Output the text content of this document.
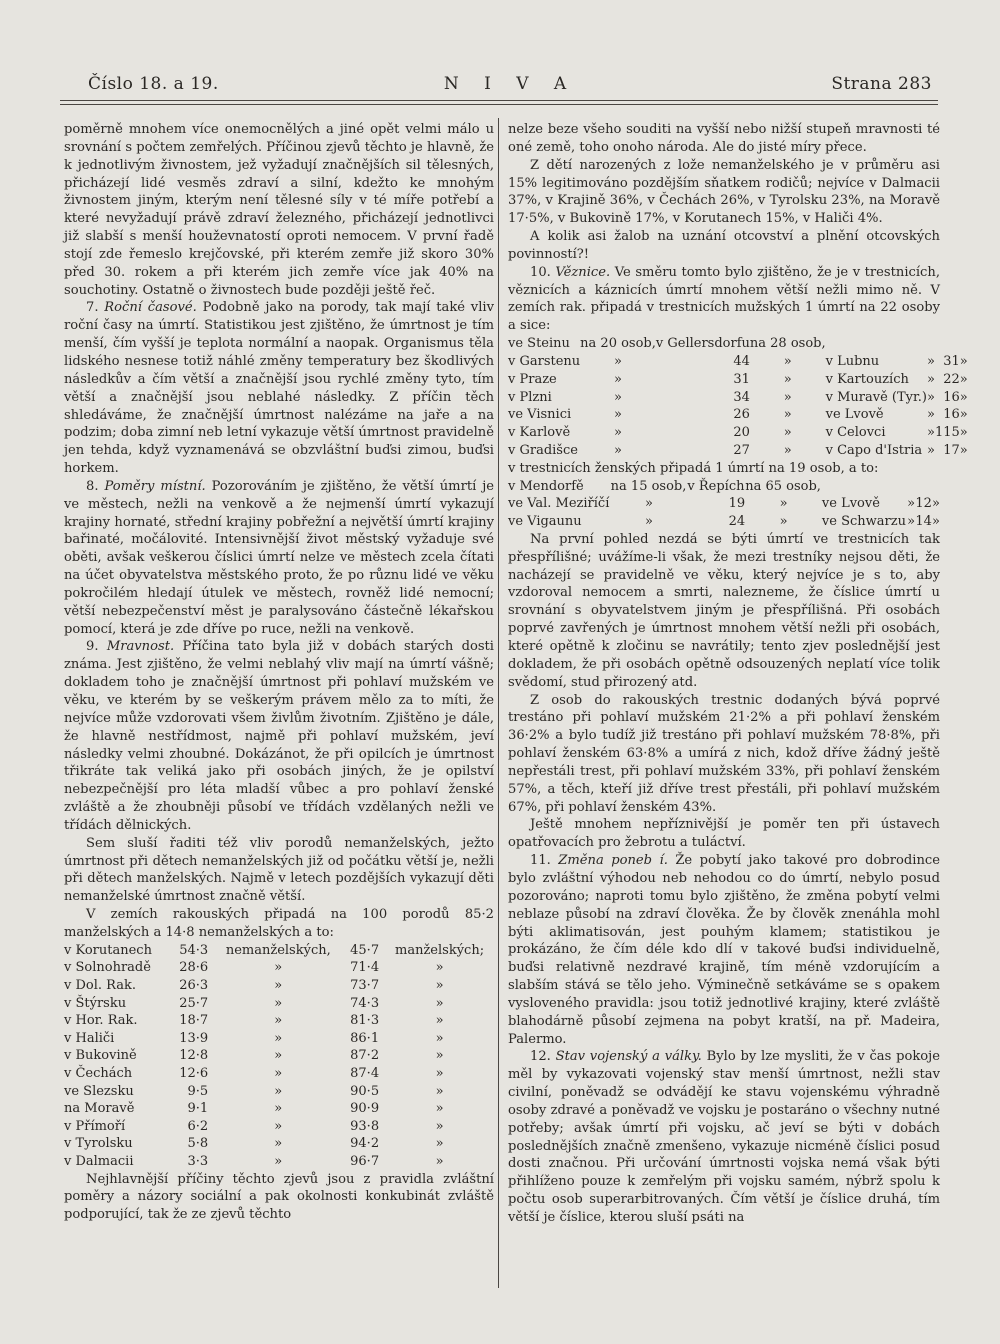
Číslo 18. a 19.	N I V A	Strana 283

poměrně mnohem více onemocnělých a jiné opět velmi málo u srovnání s počtem zemřelých. Příčinou zjevů těchto je hlavně, že k jednotlivým živnostem, jež vyžadují značnějších sil tělesných, přicházejí lidé vesměs zdraví a silní, kdežto ke mnohým živnostem jiným, kterým není tělesné síly v té míře potřebí a které nevyžadují právě zdraví železného, přicházejí jednotlivci již slabší s menší houževnatostí oproti nemocem. V první řadě stojí zde řemeslo krejčovské, při kterém zemře již skoro 30% před 30. rokem a při kterém jich zemře více jak 40% na souchotiny. Ostatně o živnostech bude později ještě řeč.

7. Roční časové. Podobně jako na porody, tak mají také vliv roční časy na úmrtí. Statistikou jest zjištěno, že úmrtnost je tím menší, čím vyšší je teplota normální a naopak. Organismus těla lidského nesnese totiž náhlé změny temperatury bez škodlivých následkův a čím větší a značnější jsou rychlé změny tyto, tím větší a značnější jsou neblahé následky. Z příčin těch shledáváme, že značnější úmrtnost nalézáme na jaře a na podzim; doba zimní neb letní vykazuje větší úmrtnost pravidelně jen tehda, když vyznamenává se obzvláštní buďsi zimou, buďsi horkem.

8. Poměry místní. Pozorováním je zjištěno, že větší úmrtí je ve městech, nežli na venkově a že nejmenší úmrtí vykazují krajiny hornaté, střední krajiny pobřežní a největší úmrtí krajiny bařinaté, močálovité. Intensivnější život městský vyžaduje své oběti, avšak veškerou číslici úmrtí nelze ve městech zcela čítati na účet obyvatelstva městského proto, že po různu lidé ve věku pokročilém hledají útulek ve městech, rovněž lidé nemocní; větší nebezpečenství měst je paralysováno částečně lékařskou pomocí, která je zde dříve po ruce, nežli na venkově.

9. Mravnost. Příčina tato byla již v dobách starých dosti známa. Jest zjištěno, že velmi neblahý vliv mají na úmrtí vášně; dokladem toho je značnější úmrtnost při pohlaví mužském ve věku, ve kterém by se veškerým právem mělo za to míti, že nejvíce může vzdorovati všem živlům životním. Zjištěno je dále, že hlavně nestřídmost, najmě při pohlaví mužském, jeví následky velmi zhoubné. Dokázánot, že při opilcích je úmrtnost třikráte tak veliká jako při osobách jiných, že je opilství nebezpečnější pro léta mladší vůbec a pro pohlaví ženské zvláště a že zhoubněji působí ve třídách vzdělaných nežli ve třídách dělnických.

Sem sluší řaditi též vliv porodů nemanželských, ježto úmrtnost při dětech nemanželských již od počátku větší je, nežli při dětech manželských. Najmě v letech pozdějších vykazují děti nemanželské úmrtnost značně větší.

V zemích rakouských připadá na 100 porodů 85·2 manželských a 14·8 nemanželských a to:

v Korutanech	54·3	nemanželských,	45·7	manželských;
v Solnohradě	28·6	»	71·4	»
v Dol. Rak.	26·3	»	73·7	»
v Štýrsku	25·7	»	74·3	»
v Hor. Rak.	18·7	»	81·3	»
v Haliči	13·9	»	86·1	»
v Bukovině	12·8	»	87·2	»
v Čechách	12·6	»	87·4	»
ve Slezsku	9·5	»	90·5	»
na Moravě	9·1	»	90·9	»
v Přímoří	6·2	»	93·8	»
v Tyrolsku	5·8	»	94·2	»
v Dalmacii	3·3	»	96·7	»

Nejhlavnější příčiny těchto zjevů jsou z pravidla zvláštní poměry a názory sociální a pak okolnosti konkubinát zvláště podporující, tak že ze zjevů těchto

nelze beze všeho souditi na vyšší nebo nižší stupeň mravnosti té oné země, toho onoho národa. Ale do jisté míry přece.

Z dětí narozených z lože nemanželského je v průměru asi 15% legitimováno pozdějším sňatkem rodičů; nejvíce v Dalmacii 37%, v Krajině 36%, v Čechách 26%, v Tyrolsku 23%, na Moravě 17·5%, v Bukovině 17%, v Korutanech 15%, v Haliči 4%.

A kolik asi žalob na uznání otcovství a plnění otcovských povinností?!

10. Věznice. Ve směru tomto bylo zjištěno, že je v trestnicích, věznicích a káznicích úmrtí mnohem větší nežli mimo ně. V zemích rak. připadá v trestnicích mužských 1 úmrtí na 22 osoby a sice:

ve Steinu	na 20 osob,	v Gellersdorfu	na 28 osob,				
v Garstenu	»	44	»	v Lubnu	»	31	»
v Praze	»	31	»	v Kartouzích	»	22	»
v Plzni	»	34	»	v Muravě (Tyr.)	»	16	»
ve Visnici	»	26	»	ve Lvově	»	16	»
v Karlově	»	20	»	v Celovci	»	115	»
v Gradišce	»	27	»	v Capo d'Istria	»	17	»

v trestnicích ženských připadá 1 úmrtí na 19 osob, a to:

v Mendorfě	na 15 osob,	v Řepích	na 65 osob,				
ve Val. Meziříčí	»	19	»	ve Lvově	»	12	»
ve Vigaunu	»	24	»	ve Schwarzu	»	14	»

Na první pohled nezdá se býti úmrtí ve trestnicích tak přespřílišné; uvážíme-li však, že mezi trestníky nejsou děti, že nacházejí se pravidelně ve věku, který nejvíce je s to, aby vzdoroval nemocem a smrti, nalezneme, že číslice úmrtí u srovnání s obyvatelstvem jiným je přespřílišná. Při osobách poprvé zavřených je úmrtnost mnohem větší nežli při osobách, které opětně k zločinu se navrátily; tento zjev poslednější jest dokladem, že při osobách opětně odsouzených neplatí více tolik svědomí, stud přirozený atd.

Z osob do rakouských trestnic dodaných bývá poprvé trestáno při pohlaví mužském 21·2% a při pohlaví ženském 36·2% a bylo tudíž již trestáno při pohlaví mužském 78·8%, při pohlaví ženském 63·8% a umírá z nich, kdož dříve žádný ještě nepřestáli trest, při pohlaví mužském 33%, při pohlaví ženském 57%, a těch, kteří již dříve trest přestáli, při pohlaví mužském 67%, při pohlaví ženském 43%.

Ještě mnohem nepříznivější je poměr ten při ústavech opatřovacích pro žebrotu a tuláctví.

11. Změna poneb í. Že pobytí jako takové pro dobrodince bylo zvláštní výhodou neb nehodou co do úmrtí, nebylo posud pozorováno; naproti tomu bylo zjištěno, že změna pobytí velmi neblaze působí na zdraví člověka. Že by člověk znenáhla mohl býti aklimatisován, jest pouhým klamem; statistikou je prokázáno, že čím déle kdo dlí v takové buďsi individuelně, buďsi relativně nezdravé krajině, tím méně vzdorujícím a slabším stává se tělo jeho. Výminečně setkáváme se s opakem vysloveného pravidla: jsou totiž jednotlivé krajiny, které zvláště blahodárně působí zejmena na pobyt kratší, na př. Madeira, Palermo.

12. Stav vojenský a války. Bylo by lze mysliti, že v čas pokoje měl by vykazovati vojenský stav menší úmrtnost, nežli stav civilní, poněvadž se odvádějí ke stavu vojenskému výhradně osoby zdravé a poněvadž ve vojsku je postaráno o všechny nutné potřeby; avšak úmrtí při vojsku, ač jeví se býti v dobách poslednějších značně zmenšeno, vykazuje nicméně číslici posud dosti značnou. Při určování úmrtnosti vojska nemá však býti přihlíženo pouze k zemřelým při vojsku samém, nýbrž spolu k počtu osob superarbitrovaných. Čím větší je číslice druhá, tím větší je číslice, kterou sluší psáti na
